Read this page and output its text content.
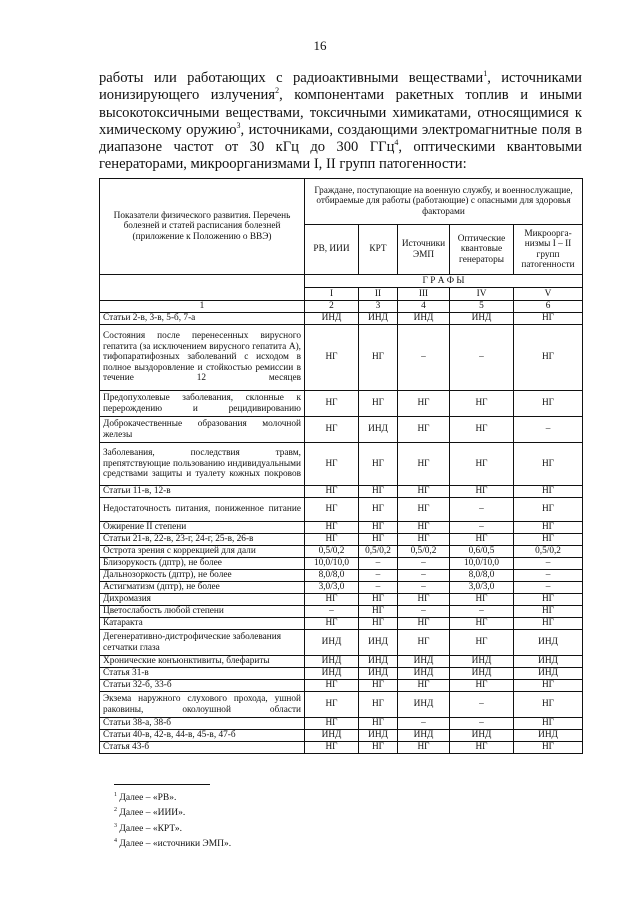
16
работы или работающих с радиоактивными веществами$^1$, источниками ионизирующего излучения$^2$, компонентами ракетных топлив и иными высокотоксичными веществами, токсичными химикатами, относящимися к химическому оружию$^3$, источниками, создающими электромагнитные поля в диапазоне частот от 30 кГц до 300 ГГц$^4$, оптическими квантовыми генераторами, микроорганизмами I, II групп патогенности:
Показатели физического развития. Перечень болезней и статей расписания болезней (приложение к Положению о ВВЭ)	Граждане, поступающие на военную службу, и военнослужащие, отбираемые для работы (работающие) с опасными для здоровья факторами				
	РВ, ИИИ	КРТ	Источники ЭМП	Оптические квантовые генераторы	Микроорга-низмы I – II групп патогенности
	Г Р А Ф Ы				
	I	II	III	IV	V
1	2	3	4	5	6
Статьи 2-в, 3-в, 5-б, 7-а	ИНД	ИНД	ИНД	ИНД	НГ
Состояния после перенесенных вирусного гепатита (за исключением вирусного гепатита А), тифопаратифозных заболеваний с исходом в полное выздоровление и стойкостью ремиссии в течение 12 месяцев	НГ	НГ	–	–	НГ
Предопухолевые заболевания, склонные к перерождению и рецидивированию	НГ	НГ	НГ	НГ	НГ
Доброкачественные образования молочной железы	НГ	ИНД	НГ	НГ	–
Заболевания, последствия травм, препятствующие пользованию индивидуальными средствами защиты и туалету кожных покровов	НГ	НГ	НГ	НГ	НГ
Статьи 11-в, 12-в	НГ	НГ	НГ	НГ	НГ
Недостаточность питания, пониженное питание	НГ	НГ	НГ	–	НГ
Ожирение II степени	НГ	НГ	НГ	–	НГ
Статьи 21-в, 22-в, 23-г, 24-г, 25-в, 26-в	НГ	НГ	НГ	НГ	НГ
Острота зрения с коррекцией для дали	0,5/0,2	0,5/0,2	0,5/0,2	0,6/0,5	0,5/0,2
Близорукость (дптр), не более	10,0/10,0	–	–	10,0/10,0	–
Дальнозоркость (дптр), не более	8,0/8,0	–	–	8,0/8,0	–
Астигматизм (дптр), не более	3,0/3,0	–	–	3,0/3,0	–
Дихромазия	НГ	НГ	НГ	НГ	НГ
Цветослабость любой степени	–	НГ	–	–	НГ
Катаракта	НГ	НГ	НГ	НГ	НГ
Дегенеративно-дистрофические заболевания сетчатки глаза	ИНД	ИНД	НГ	НГ	ИНД
Хронические конъюнктивиты, блефариты	ИНД	ИНД	ИНД	ИНД	ИНД
Статья 31-в	ИНД	ИНД	ИНД	ИНД	ИНД
Статьи 32-б, 33-б	НГ	НГ	НГ	НГ	НГ
Экзема наружного слухового прохода, ушной раковины, околоушной области	НГ	НГ	ИНД	–	НГ
Статьи 38-а, 38-б	НГ	НГ	–	–	НГ
Статьи 40-в, 42-в, 44-в, 45-в, 47-б	ИНД	ИНД	ИНД	ИНД	ИНД
Статья 43-б	НГ	НГ	НГ	НГ	НГ
$^1$ Далее – «РВ».
$^2$ Далее – «ИИИ».
$^3$ Далее – «КРТ».
$^4$ Далее – «источники ЭМП».
